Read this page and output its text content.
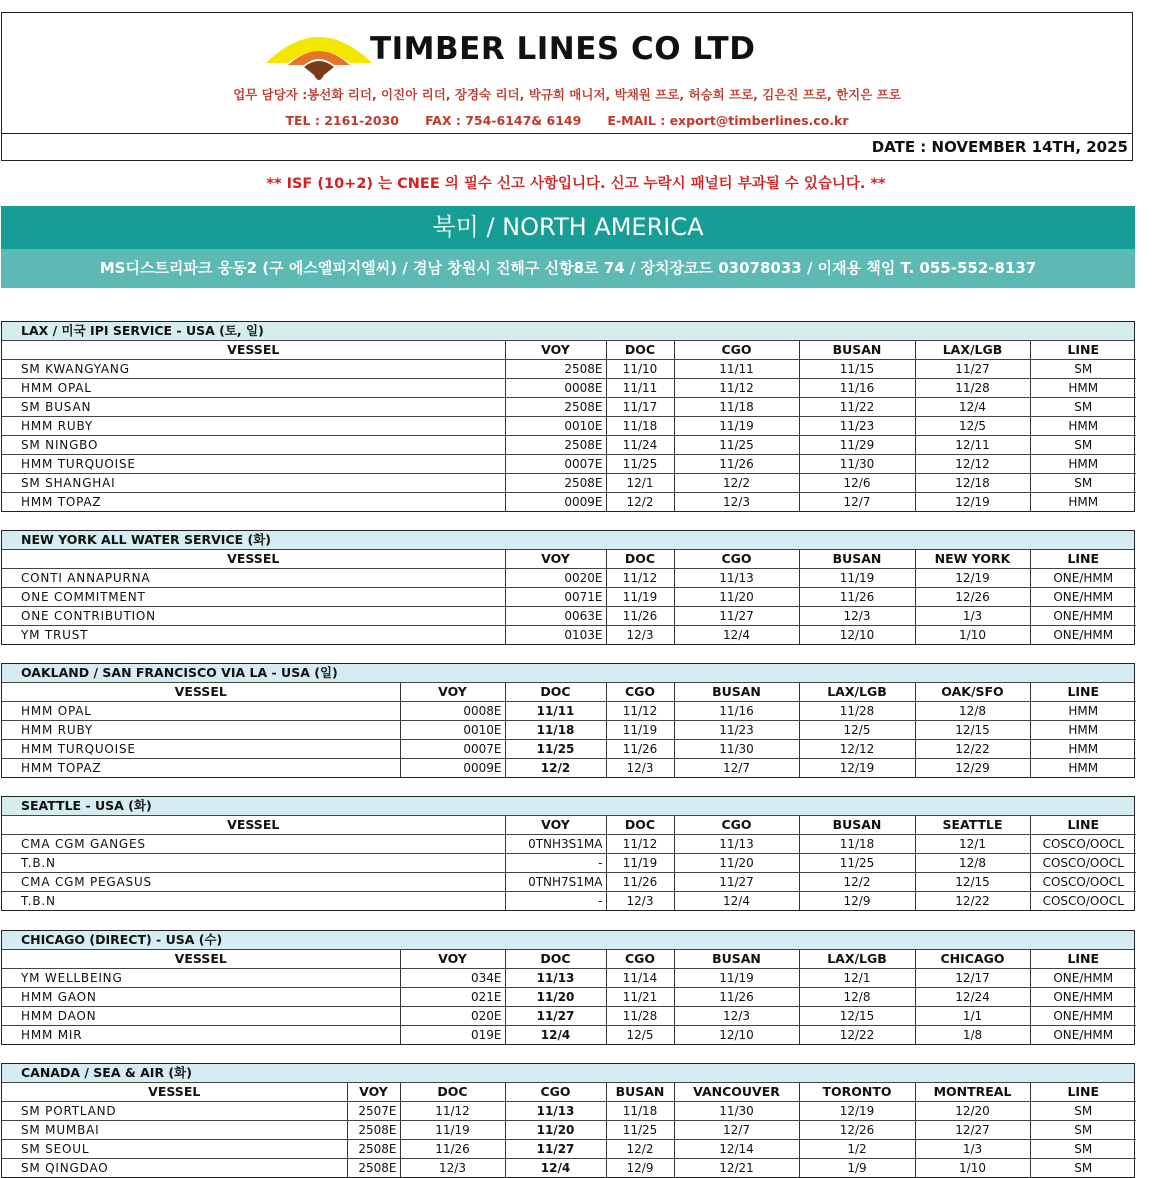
TIMBER LINES CO LTD
업무 담당자 :봉선화 리더, 이진아 리더, 장경숙 리더, 박규희 매니저, 박채원 프로, 허승희 프로, 김은진 프로, 한지은 프로
TEL : 2161-2030      FAX : 754-6147& 6149      E-MAIL : export@timberlines.co.kr
DATE : NOVEMBER 14TH, 2025
** ISF (10+2) 는 CNEE 의 필수 신고 사항입니다. 신고 누락시 패널티 부과될 수 있습니다. **
북미 / NORTH AMERICA
MS디스트리파크 웅동2 (구 에스엘피지엘씨) / 경남 창원시 진해구 신항8로 74 / 장치장코드 03078033 / 이재용 책임 T. 055-552-8137
LAX / 미국 IPI SERVICE - USA (토, 일)
VESSEL	VOY	DOC	CGO	BUSAN	LAX/LGB	LINE
SM KWANGYANG	2508E	11/10	11/11	11/15	11/27	SM
HMM OPAL	0008E	11/11	11/12	11/16	11/28	HMM
SM BUSAN	2508E	11/17	11/18	11/22	12/4	SM
HMM RUBY	0010E	11/18	11/19	11/23	12/5	HMM
SM NINGBO	2508E	11/24	11/25	11/29	12/11	SM
HMM TURQUOISE	0007E	11/25	11/26	11/30	12/12	HMM
SM SHANGHAI	2508E	12/1	12/2	12/6	12/18	SM
HMM TOPAZ	0009E	12/2	12/3	12/7	12/19	HMM
NEW YORK ALL WATER SERVICE (화)
VESSEL	VOY	DOC	CGO	BUSAN	NEW YORK	LINE
CONTI ANNAPURNA	0020E	11/12	11/13	11/19	12/19	ONE/HMM
ONE COMMITMENT	0071E	11/19	11/20	11/26	12/26	ONE/HMM
ONE CONTRIBUTION	0063E	11/26	11/27	12/3	1/3	ONE/HMM
YM TRUST	0103E	12/3	12/4	12/10	1/10	ONE/HMM
OAKLAND / SAN FRANCISCO VIA LA - USA (일)
VESSEL	VOY	DOC	CGO	BUSAN	LAX/LGB	OAK/SFO	LINE
HMM OPAL	0008E	11/11	11/12	11/16	11/28	12/8	HMM
HMM RUBY	0010E	11/18	11/19	11/23	12/5	12/15	HMM
HMM TURQUOISE	0007E	11/25	11/26	11/30	12/12	12/22	HMM
HMM TOPAZ	0009E	12/2	12/3	12/7	12/19	12/29	HMM
SEATTLE - USA (화)
VESSEL	VOY	DOC	CGO	BUSAN	SEATTLE	LINE
CMA CGM GANGES	0TNH3S1MA	11/12	11/13	11/18	12/1	COSCO/OOCL
T.B.N	-	11/19	11/20	11/25	12/8	COSCO/OOCL
CMA CGM PEGASUS	0TNH7S1MA	11/26	11/27	12/2	12/15	COSCO/OOCL
T.B.N	-	12/3	12/4	12/9	12/22	COSCO/OOCL
CHICAGO (DIRECT) - USA (수)
VESSEL	VOY	DOC	CGO	BUSAN	LAX/LGB	CHICAGO	LINE
YM WELLBEING	034E	11/13	11/14	11/19	12/1	12/17	ONE/HMM
HMM GAON	021E	11/20	11/21	11/26	12/8	12/24	ONE/HMM
HMM DAON	020E	11/27	11/28	12/3	12/15	1/1	ONE/HMM
HMM MIR	019E	12/4	12/5	12/10	12/22	1/8	ONE/HMM
CANADA / SEA & AIR (화)
VESSEL	VOY	DOC	CGO	BUSAN	VANCOUVER	TORONTO	MONTREAL	LINE
SM PORTLAND	2507E	11/12	11/13	11/18	11/30	12/19	12/20	SM
SM MUMBAI	2508E	11/19	11/20	11/25	12/7	12/26	12/27	SM
SM SEOUL	2508E	11/26	11/27	12/2	12/14	1/2	1/3	SM
SM QINGDAO	2508E	12/3	12/4	12/9	12/21	1/9	1/10	SM
